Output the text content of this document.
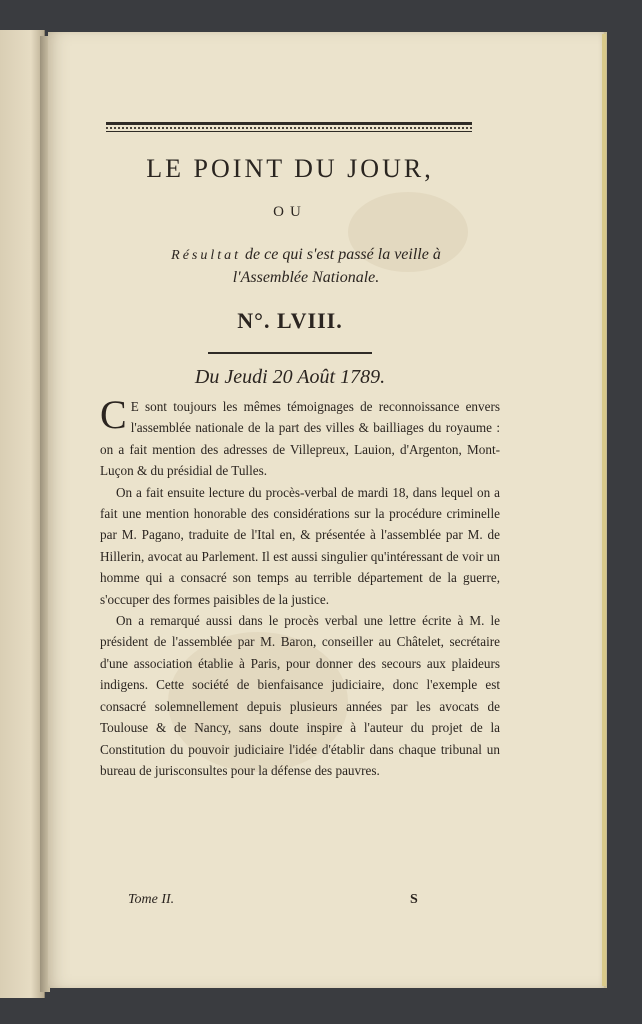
LE POINT DU JOUR,
OU
Résultat de ce qui s'est passé la veille à
l'Assemblée Nationale.
N°. LVIII.
Du Jeudi 20 Août 1789.

C E sont toujours les mêmes témoignages de reconnoissance envers l'assemblée nationale de la part des villes & bailliages du royaume : on a fait mention des adresses de Villepreux, Lauion, d'Argenton, Mont-Luçon & du présidial de Tulles.

On a fait ensuite lecture du procès-verbal de mardi 18, dans lequel on a fait une mention honorable des considérations sur la procédure criminelle par M. Pagano, traduite de l'Ital en, & présentée à l'assemblée par M. de Hillerin, avocat au Parlement. Il est aussi singulier qu'intéressant de voir un homme qui a consacré son temps au terrible département de la guerre, s'occuper des formes paisibles de la justice.

On a remarqué aussi dans le procès verbal une lettre écrite à M. le président de l'assemblée par M. Baron, conseiller au Châtelet, secrétaire d'une association établie à Paris, pour donner des secours aux plaideurs indigens. Cette société de bienfaisance judiciaire, donc l'exemple est consacré solemnellement depuis plusieurs années par les avocats de Toulouse & de Nancy, sans doute inspire à l'auteur du projet de la Constitution du pouvoir judiciaire l'idée d'établir dans chaque tribunal un bureau de jurisconsultes pour la défense des pauvres.

Tome II.	S
